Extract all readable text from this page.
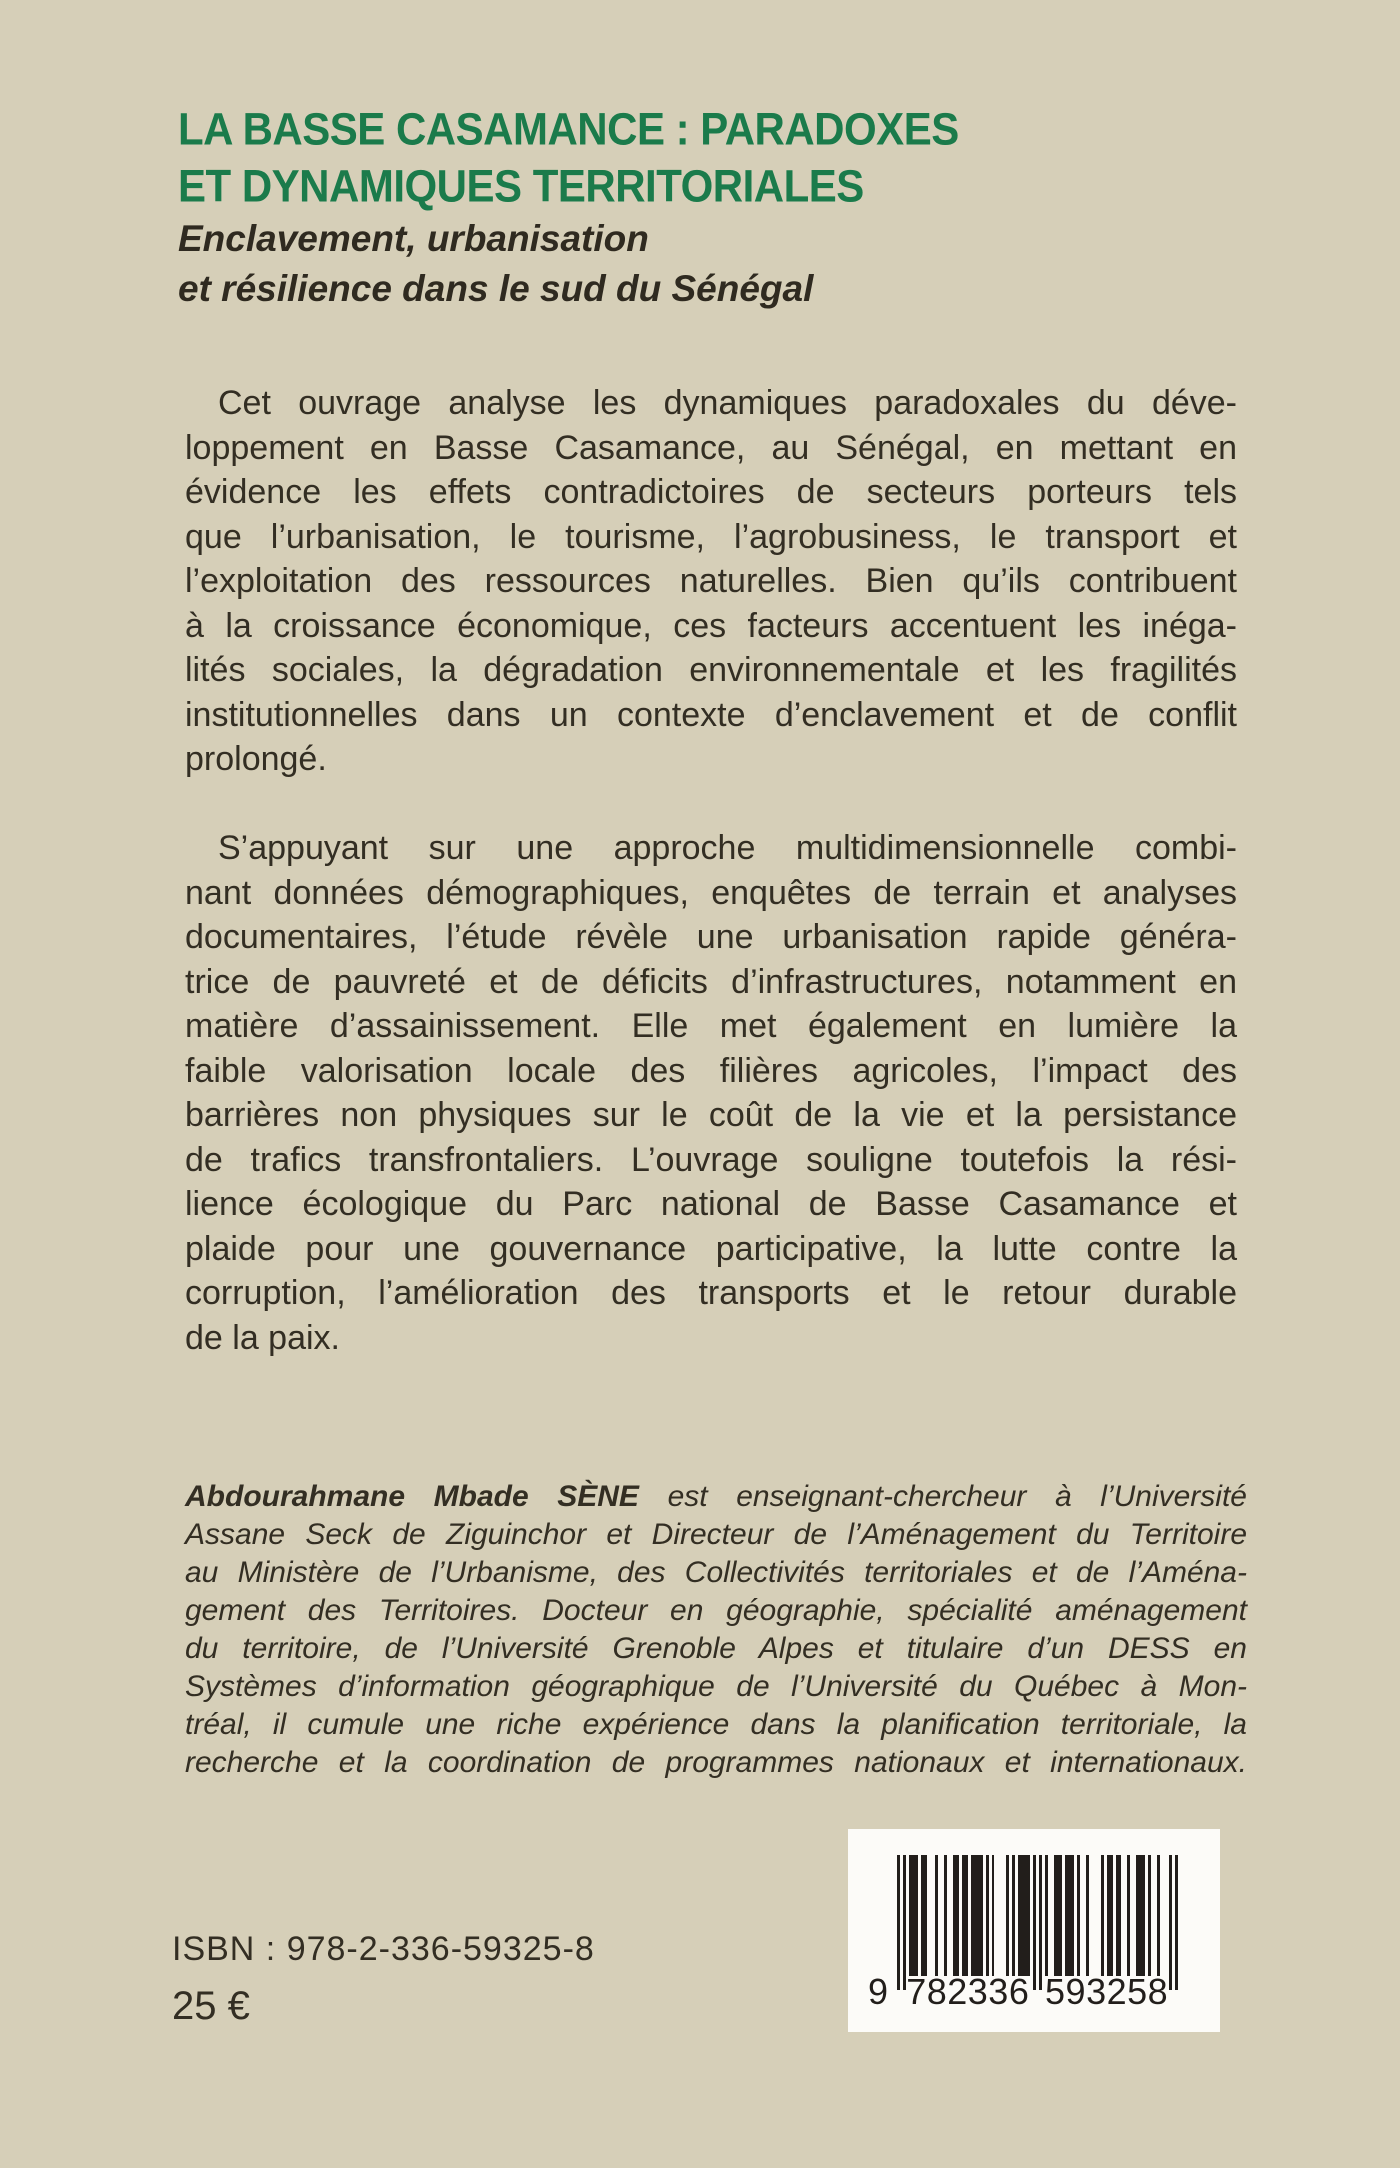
LA BASSE CASAMANCE : PARADOXES
ET DYNAMIQUES TERRITORIALES
Enclavement, urbanisation
et résilience dans le sud du Sénégal
Cet ouvrage analyse les dynamiques paradoxales du déve-
loppement en Basse Casamance, au Sénégal, en mettant en
évidence les effets contradictoires de secteurs porteurs tels
que l’urbanisation, le tourisme, l’agrobusiness, le transport et
l’exploitation des ressources naturelles. Bien qu’ils contribuent
à la croissance économique, ces facteurs accentuent les inéga-
lités sociales, la dégradation environnementale et les fragilités
institutionnelles dans un contexte d’enclavement et de conflit
prolongé.
S’appuyant sur une approche multidimensionnelle combi-
nant données démographiques, enquêtes de terrain et analyses
documentaires, l’étude révèle une urbanisation rapide généra-
trice de pauvreté et de déficits d’infrastructures, notamment en
matière d’assainissement. Elle met également en lumière la
faible valorisation locale des filières agricoles, l’impact des
barrières non physiques sur le coût de la vie et la persistance
de trafics transfrontaliers. L’ouvrage souligne toutefois la rési-
lience écologique du Parc national de Basse Casamance et
plaide pour une gouvernance participative, la lutte contre la
corruption, l’amélioration des transports et le retour durable
de la paix.
Abdourahmane Mbade SÈNE est enseignant-chercheur à l’Université
Assane Seck de Ziguinchor et Directeur de l’Aménagement du Territoire
au Ministère de l’Urbanisme, des Collectivités territoriales et de l’Aména-
gement des Territoires. Docteur en géographie, spécialité aménagement
du territoire, de l’Université Grenoble Alpes et titulaire d’un DESS en
Systèmes d’information géographique de l’Université du Québec à Mon-
tréal, il cumule une riche expérience dans la planification territoriale, la
recherche et la coordination de programmes nationaux et internationaux.
ISBN : 978-2-336-59325-8
25 €	9 782336 593258
